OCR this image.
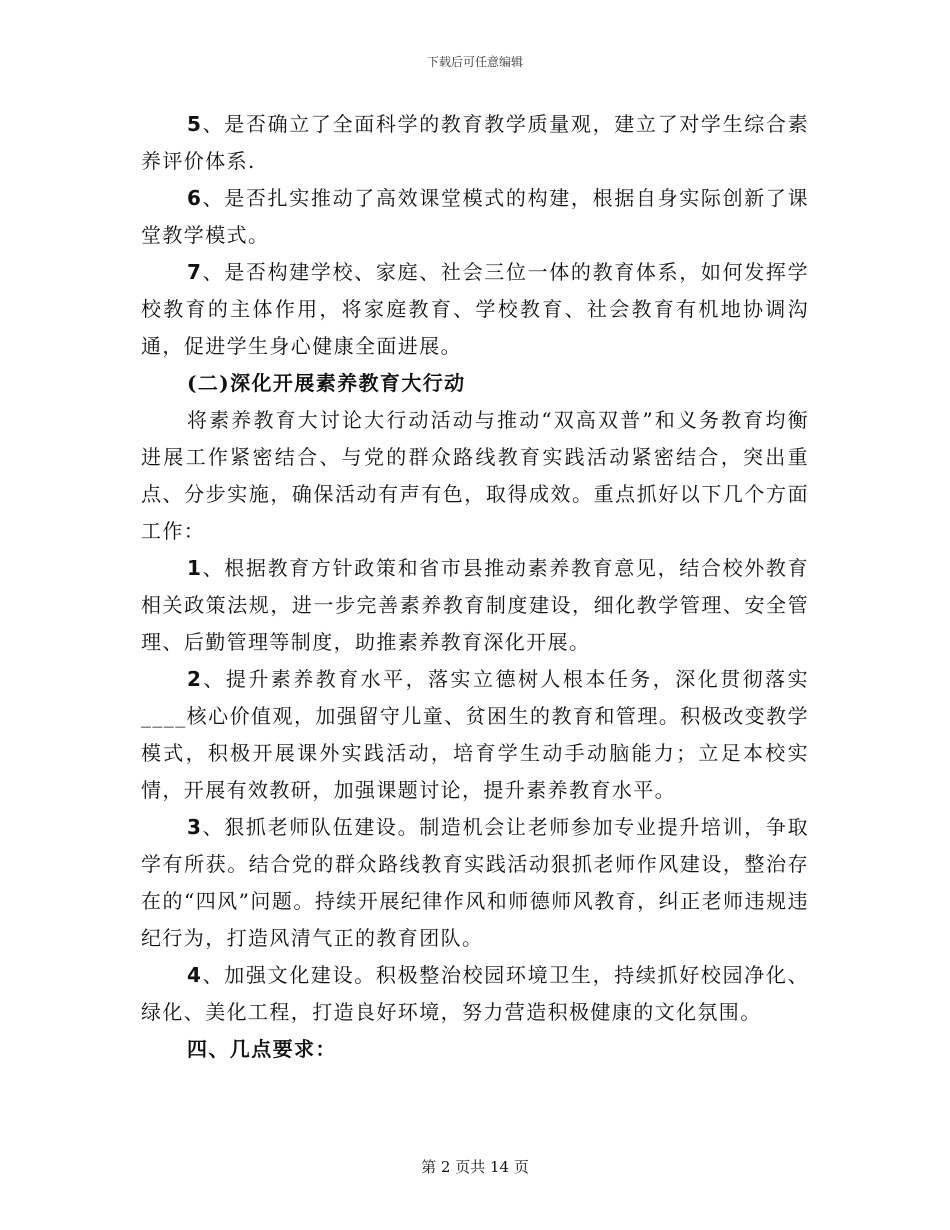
下载后可任意编辑

5、是否确立了全面科学的教育教学质量观，建立了对学生综合素养评价体系.

6、是否扎实推动了高效课堂模式的构建，根据自身实际创新了课堂教学模式。

7、是否构建学校、家庭、社会三位一体的教育体系，如何发挥学校教育的主体作用，将家庭教育、学校教育、社会教育有机地协调沟通，促进学生身心健康全面进展。

(二)深化开展素养教育大行动

将素养教育大讨论大行动活动与推动“双高双普”和义务教育均衡进展工作紧密结合、与党的群众路线教育实践活动紧密结合，突出重点、分步实施，确保活动有声有色，取得成效。重点抓好以下几个方面工作：

1、根据教育方针政策和省市县推动素养教育意见，结合校外教育相关政策法规，进一步完善素养教育制度建设，细化教学管理、安全管理、后勤管理等制度，助推素养教育深化开展。

2、提升素养教育水平，落实立德树人根本任务，深化贯彻落实____核心价值观，加强留守儿童、贫困生的教育和管理。积极改变教学模式，积极开展课外实践活动，培育学生动手动脑能力；立足本校实情，开展有效教研，加强课题讨论，提升素养教育水平。

3、狠抓老师队伍建设。制造机会让老师参加专业提升培训，争取学有所获。结合党的群众路线教育实践活动狠抓老师作风建设，整治存在的“四风”问题。持续开展纪律作风和师德师风教育，纠正老师违规违纪行为，打造风清气正的教育团队。

4、加强文化建设。积极整治校园环境卫生，持续抓好校园净化、绿化、美化工程，打造良好环境，努力营造积极健康的文化氛围。

四、几点要求：

第 2 页共 14 页
